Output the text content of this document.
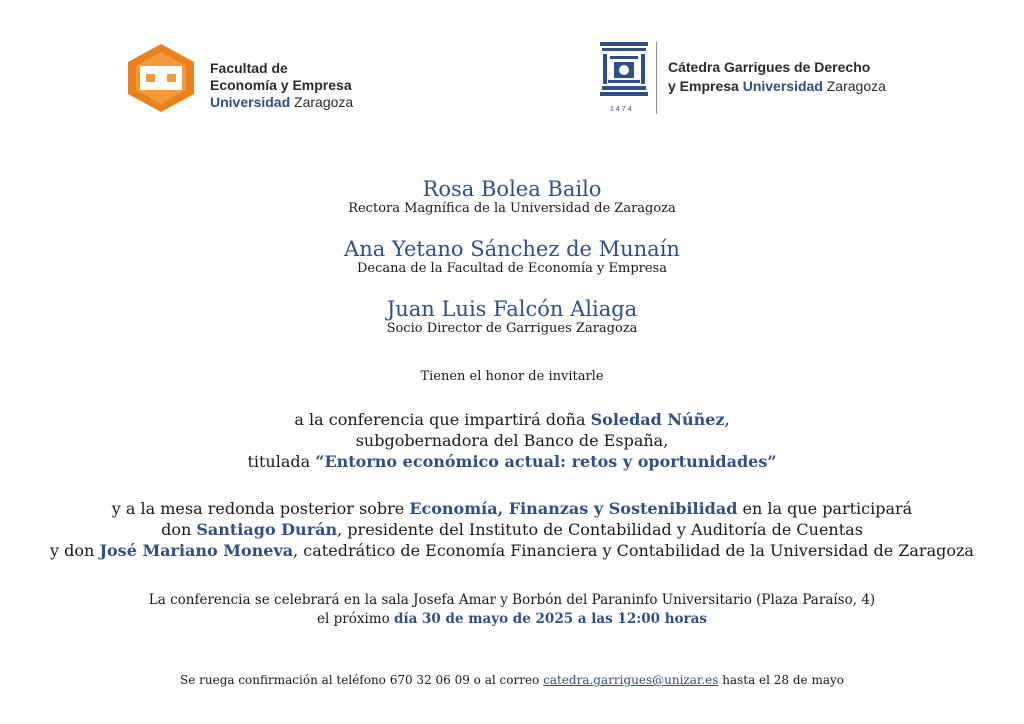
Facultad de
Economía y Empresa
Universidad Zaragoza	1474
Cátedra Garrigues de Derecho
y Empresa Universidad Zaragoza
Rosa Bolea Bailo
Rectora Magnífica de la Universidad de Zaragoza
Ana Yetano Sánchez de Munaín
Decana de la Facultad de Economía y Empresa
Juan Luis Falcón Aliaga
Socio Director de Garrigues Zaragoza
Tienen el honor de invitarle
a la conferencia que impartirá doña Soledad Núñez,
subgobernadora del Banco de España,
titulada “Entorno económico actual: retos y oportunidades”
y a la mesa redonda posterior sobre Economía, Finanzas y Sostenibilidad en la que participará
don Santiago Durán, presidente del Instituto de Contabilidad y Auditoría de Cuentas
y don José Mariano Moneva, catedrático de Economía Financiera y Contabilidad de la Universidad de Zaragoza
La conferencia se celebrará en la sala Josefa Amar y Borbón del Paraninfo Universitario (Plaza Paraíso, 4)
el próximo día 30 de mayo de 2025 a las 12:00 horas
Se ruega confirmación al teléfono 670 32 06 09 o al correo catedra.garrigues@unizar.es hasta el 28 de mayo
